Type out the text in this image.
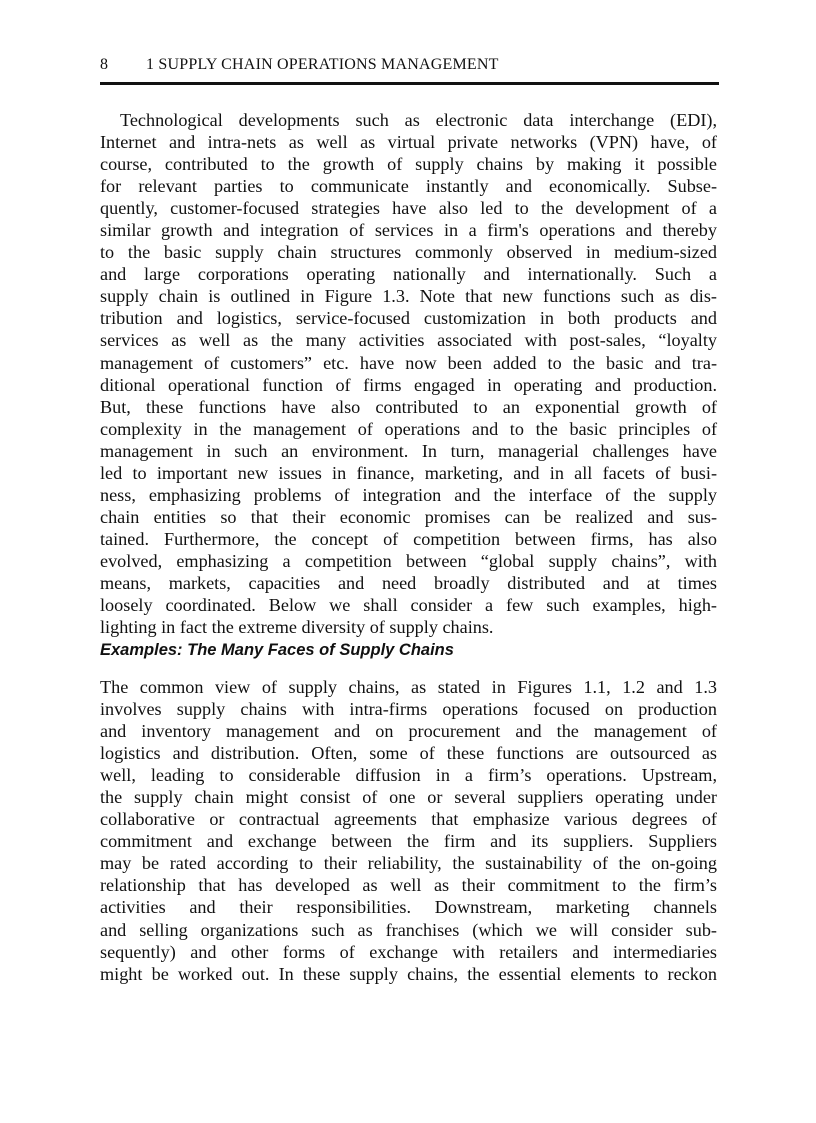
8 1 SUPPLY CHAIN OPERATIONS MANAGEMENT
Technological developments such as electronic data interchange (EDI),
Internet and intra-nets as well as virtual private networks (VPN) have, of
course, contributed to the growth of supply chains by making it possible
for relevant parties to communicate instantly and economically. Subse-
quently, customer-focused strategies have also led to the development of a
similar growth and integration of services in a firm's operations and thereby
to the basic supply chain structures commonly observed in medium-sized
and large corporations operating nationally and internationally. Such a
supply chain is outlined in Figure 1.3. Note that new functions such as dis-
tribution and logistics, service-focused customization in both products and
services as well as the many activities associated with post-sales, “loyalty
management of customers” etc. have now been added to the basic and tra-
ditional operational function of firms engaged in operating and production.
But, these functions have also contributed to an exponential growth of
complexity in the management of operations and to the basic principles of
management in such an environment. In turn, managerial challenges have
led to important new issues in finance, marketing, and in all facets of busi-
ness, emphasizing problems of integration and the interface of the supply
chain entities so that their economic promises can be realized and sus-
tained. Furthermore, the concept of competition between firms, has also
evolved, emphasizing a competition between “global supply chains”, with
means, markets, capacities and need broadly distributed and at times
loosely coordinated. Below we shall consider a few such examples, high-
lighting in fact the extreme diversity of supply chains.
Examples: The Many Faces of Supply Chains
The common view of supply chains, as stated in Figures 1.1, 1.2 and 1.3
involves supply chains with intra-firms operations focused on production
and inventory management and on procurement and the management of
logistics and distribution. Often, some of these functions are outsourced as
well, leading to considerable diffusion in a firm’s operations. Upstream,
the supply chain might consist of one or several suppliers operating under
collaborative or contractual agreements that emphasize various degrees of
commitment and exchange between the firm and its suppliers. Suppliers
may be rated according to their reliability, the sustainability of the on-going
relationship that has developed as well as their commitment to the firm’s
activities and their responsibilities. Downstream, marketing channels
and selling organizations such as franchises (which we will consider sub-
sequently) and other forms of exchange with retailers and intermediaries
might be worked out. In these supply chains, the essential elements to reckon
